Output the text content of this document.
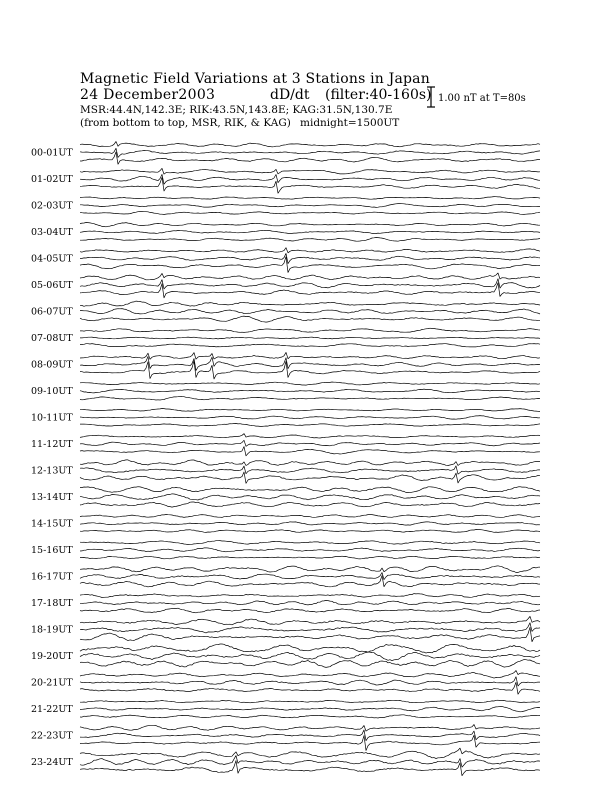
Magnetic Field Variations at 3 Stations in Japan
24 December2003	dD/dt (filter:40-160s)
MSR:44.4N,142.3E; RIK:43.5N,143.8E; KAG:31.5N,130.7E
(from bottom to top, MSR, RIK, & KAG) midnight=1500UT
1.00 nT at T=80s
00-01UT
01-02UT
02-03UT
03-04UT
04-05UT
05-06UT
06-07UT
07-08UT
08-09UT
09-10UT
10-11UT
11-12UT
12-13UT
13-14UT
14-15UT
15-16UT
16-17UT
17-18UT
18-19UT
19-20UT
20-21UT
21-22UT
22-23UT
23-24UT
